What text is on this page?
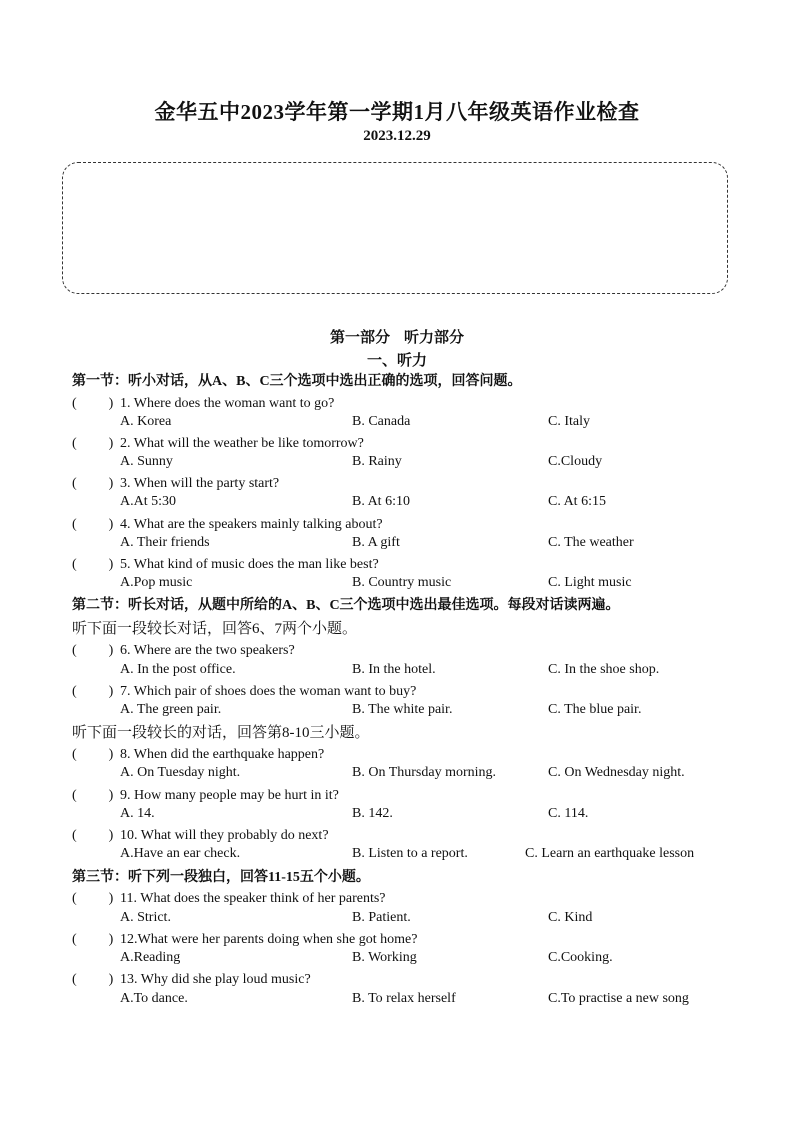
金华五中2023学年第一学期1月八年级英语作业检查
2023.12.29
第一部分 听力部分
一、听力
第一节：听小对话，从A、B、C三个选项中选出正确的选项，回答问题。
( ) 1. Where does the woman want to go?
A. Korea	B. Canada	C. Italy
( ) 2. What will the weather be like tomorrow?
A. Sunny	B. Rainy	C.Cloudy
( ) 3. When will the party start?
A.At 5:30	B. At 6:10	C. At 6:15
( ) 4. What are the speakers mainly talking about?
A. Their friends	B. A gift	C. The weather
( ) 5. What kind of music does the man like best?
A.Pop music	B. Country music	C. Light music
第二节：听长对话，从题中所给的A、B、C三个选项中选出最佳选项。每段对话读两遍。
听下面一段较长对话，回答6、7两个小题。
( ) 6. Where are the two speakers?
A. In the post office.	B. In the hotel.	C. In the shoe shop.
( ) 7. Which pair of shoes does the woman want to buy?
A. The green pair.	B. The white pair.	C. The blue pair.
听下面一段较长的对话，回答第8-10三小题。
( ) 8. When did the earthquake happen?
A. On Tuesday night.	B. On Thursday morning.	C. On Wednesday night.
( ) 9. How many people may be hurt in it?
A. 14.	B. 142.	C. 114.
( ) 10. What will they probably do next?
A.Have an ear check.	B. Listen to a report.	C. Learn an earthquake lesson
第三节：听下列一段独白，回答11-15五个小题。
( ) 11. What does the speaker think of her parents?
A. Strict.	B. Patient.	C. Kind
( ) 12.What were her parents doing when she got home?
A.Reading	B. Working	C.Cooking.
( ) 13. Why did she play loud music?
A.To dance.	B. To relax herself	C.To practise a new song
